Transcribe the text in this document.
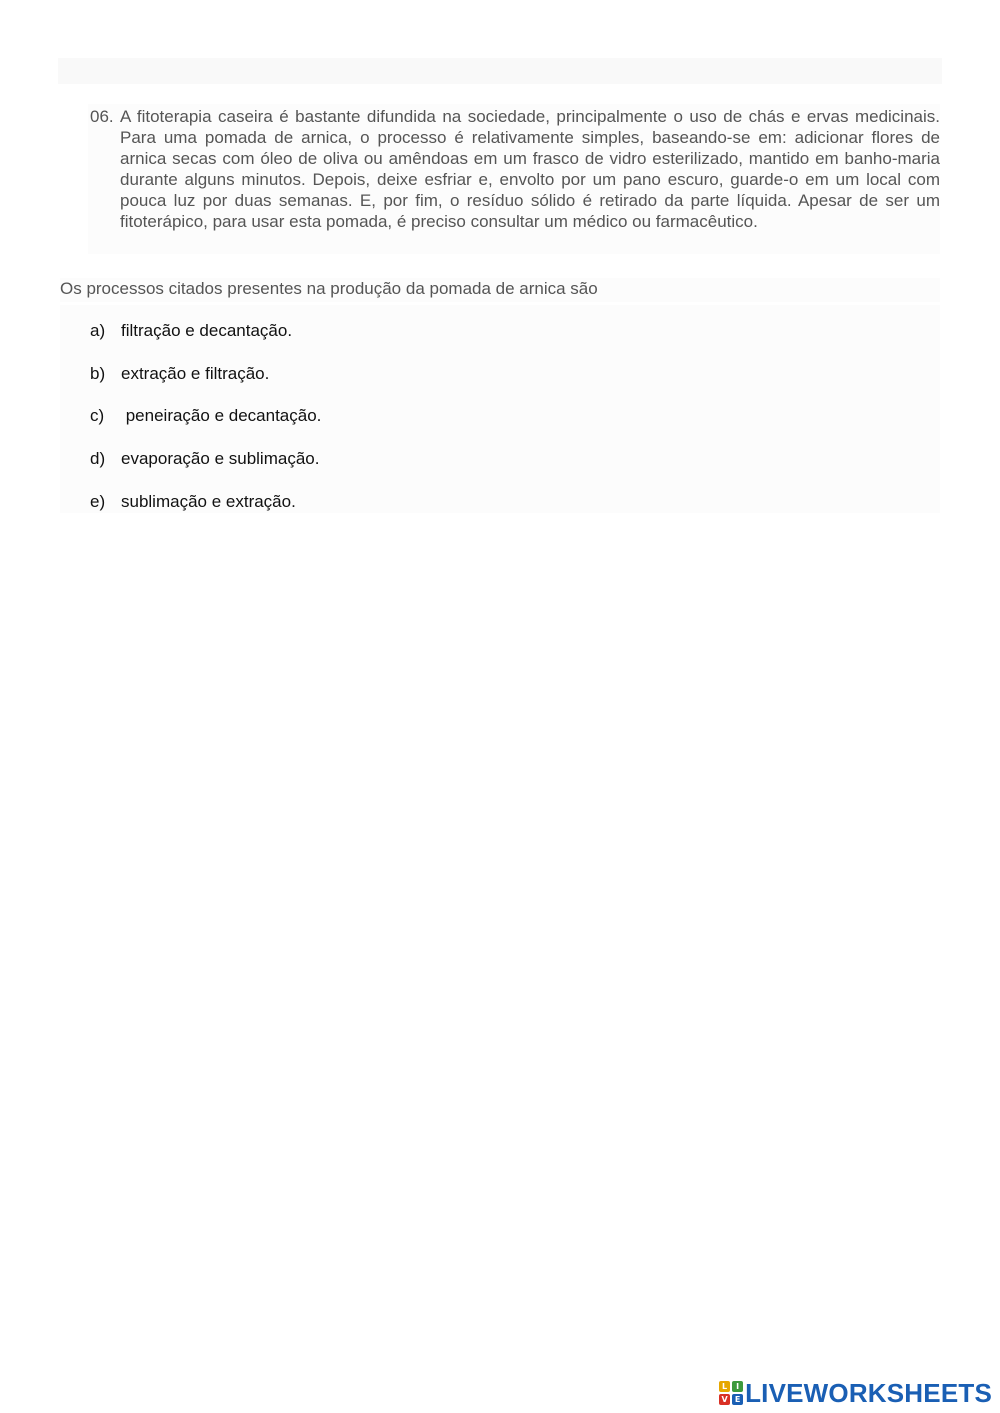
06. A fitoterapia caseira é bastante difundida na sociedade, principalmente o uso de chás e ervas medicinais. Para uma pomada de arnica, o processo é relativamente simples, baseando-se em: adicionar flores de arnica secas com óleo de oliva ou amêndoas em um frasco de vidro esterilizado, mantido em banho-maria durante alguns minutos. Depois, deixe esfriar e, envolto por um pano escuro, guarde-o em um local com pouca luz por duas semanas. E, por fim, o resíduo sólido é retirado da parte líquida. Apesar de ser um fitoterápico, para usar esta pomada, é preciso consultar um médico ou farmacêutico.
Os processos citados presentes na produção da pomada de arnica são
a) filtração e decantação.
b) extração e filtração.
c) peneiração e decantação.
d) evaporação e sublimação.
e) sublimação e extração.
L	I
V E LIVEWORKSHEETS
